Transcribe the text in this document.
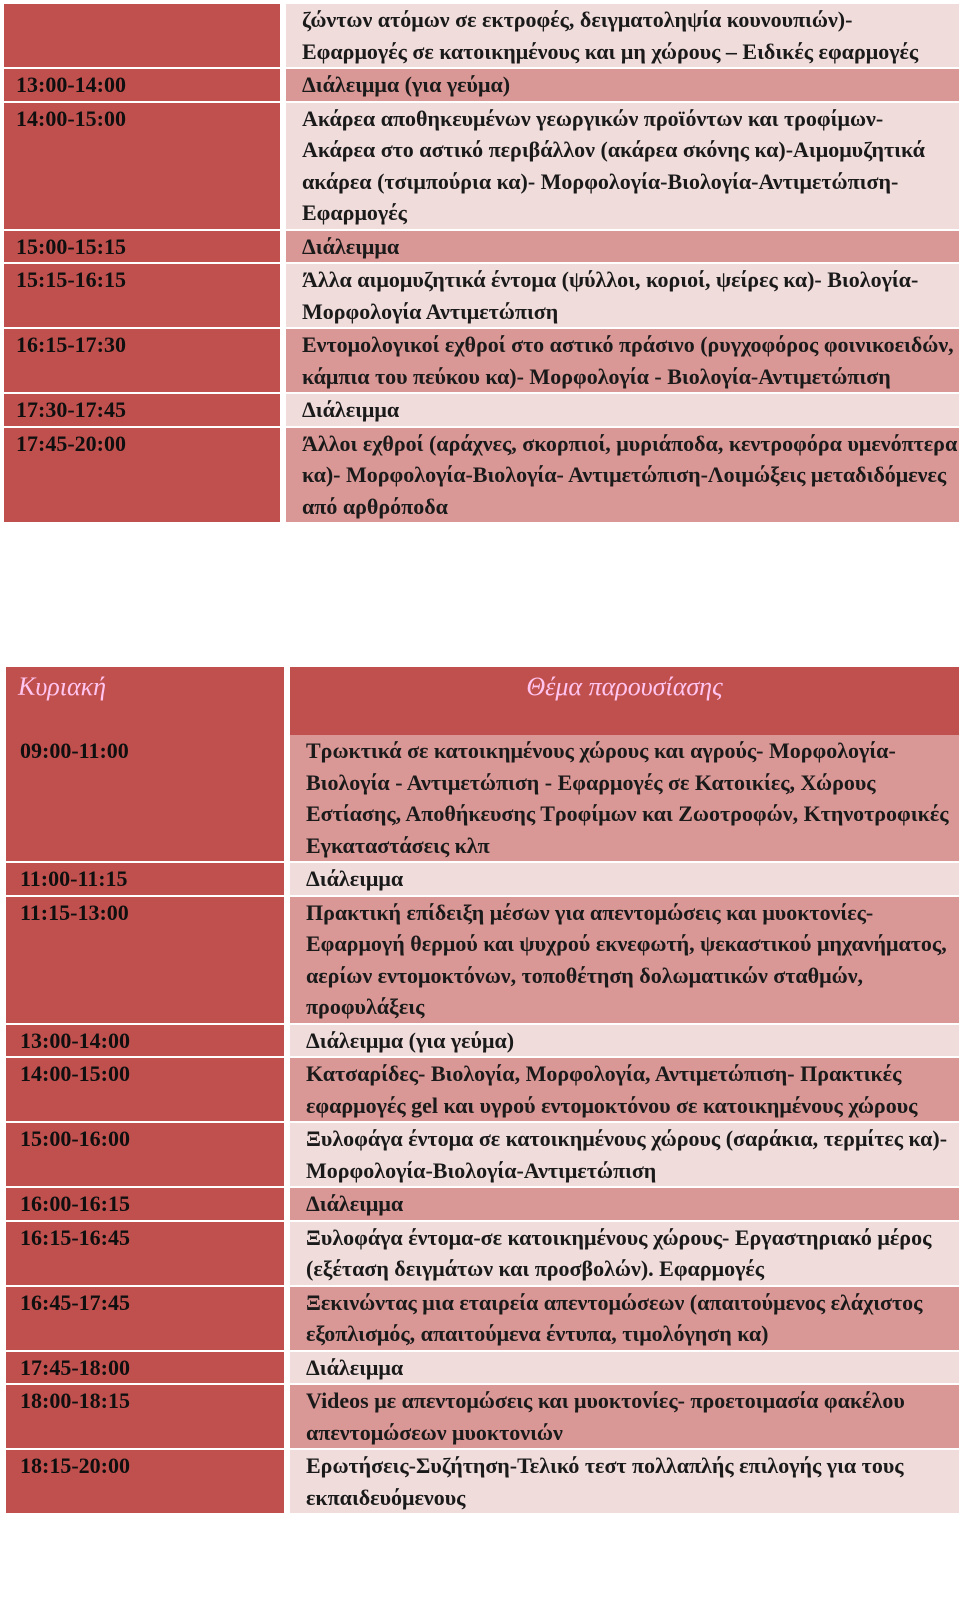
	ζώντων ατόμων σε εκτροφές, δειγματοληψία κουνουπιών)- Εφαρμογές σε κατοικημένους και μη χώρους – Ειδικές εφαρμογές
13:00-14:00	Διάλειμμα (για γεύμα)
14:00-15:00	Ακάρεα αποθηκευμένων γεωργικών προϊόντων και τροφίμων- Ακάρεα στο αστικό περιβάλλον (ακάρεα σκόνης κα)-Αιμομυζητικά ακάρεα (τσιμπούρια κα)- Μορφολογία-Βιολογία-Αντιμετώπιση-Εφαρμογές
15:00-15:15	Διάλειμμα
15:15-16:15	Άλλα αιμομυζητικά έντομα (ψύλλοι, κοριοί, ψείρες κα)- Βιολογία-Μορφολογία Αντιμετώπιση
16:15-17:30	Εντομολογικοί εχθροί στο αστικό πράσινο (ρυγχοφόρος φοινικοειδών, κάμπια του πεύκου κα)- Μορφολογία - Βιολογία-Αντιμετώπιση
17:30-17:45	Διάλειμμα
17:45-20:00	Άλλοι εχθροί (αράχνες, σκορπιοί, μυριάποδα, κεντροφόρα υμενόπτερα κα)- Μορφολογία-Βιολογία- Αντιμετώπιση-Λοιμώξεις μεταδιδόμενες από αρθρόποδα
Κυριακή	Θέμα παρουσίασης
09:00-11:00	Τρωκτικά σε κατοικημένους χώρους και αγρούς- Μορφολογία-Βιολογία - Αντιμετώπιση - Εφαρμογές σε Κατοικίες, Χώρους Εστίασης, Αποθήκευσης Τροφίμων και Ζωοτροφών, Κτηνοτροφικές Εγκαταστάσεις κλπ
11:00-11:15	Διάλειμμα
11:15-13:00	Πρακτική επίδειξη μέσων για απεντομώσεις και μυοκτονίες- Εφαρμογή θερμού και ψυχρού εκνεφωτή, ψεκαστικού μηχανήματος, αερίων εντομοκτόνων, τοποθέτηση δολωματικών σταθμών, προφυλάξεις
13:00-14:00	Διάλειμμα (για γεύμα)
14:00-15:00	Κατσαρίδες- Βιολογία, Μορφολογία, Αντιμετώπιση- Πρακτικές εφαρμογές gel και υγρού εντομοκτόνου σε κατοικημένους χώρους
15:00-16:00	Ξυλοφάγα έντομα σε κατοικημένους χώρους (σαράκια, τερμίτες κα)- Μορφολογία-Βιολογία-Αντιμετώπιση
16:00-16:15	Διάλειμμα
16:15-16:45	Ξυλοφάγα έντομα-σε κατοικημένους χώρους- Εργαστηριακό μέρος (εξέταση δειγμάτων και προσβολών). Εφαρμογές
16:45-17:45	Ξεκινώντας μια εταιρεία απεντομώσεων (απαιτούμενος ελάχιστος εξοπλισμός, απαιτούμενα έντυπα, τιμολόγηση κα)
17:45-18:00	Διάλειμμα
18:00-18:15	Videos με απεντομώσεις και μυοκτονίες- προετοιμασία φακέλου απεντομώσεων μυοκτονιών
18:15-20:00	Ερωτήσεις-Συζήτηση-Τελικό τεστ πολλαπλής επιλογής για τους εκπαιδευόμενους
